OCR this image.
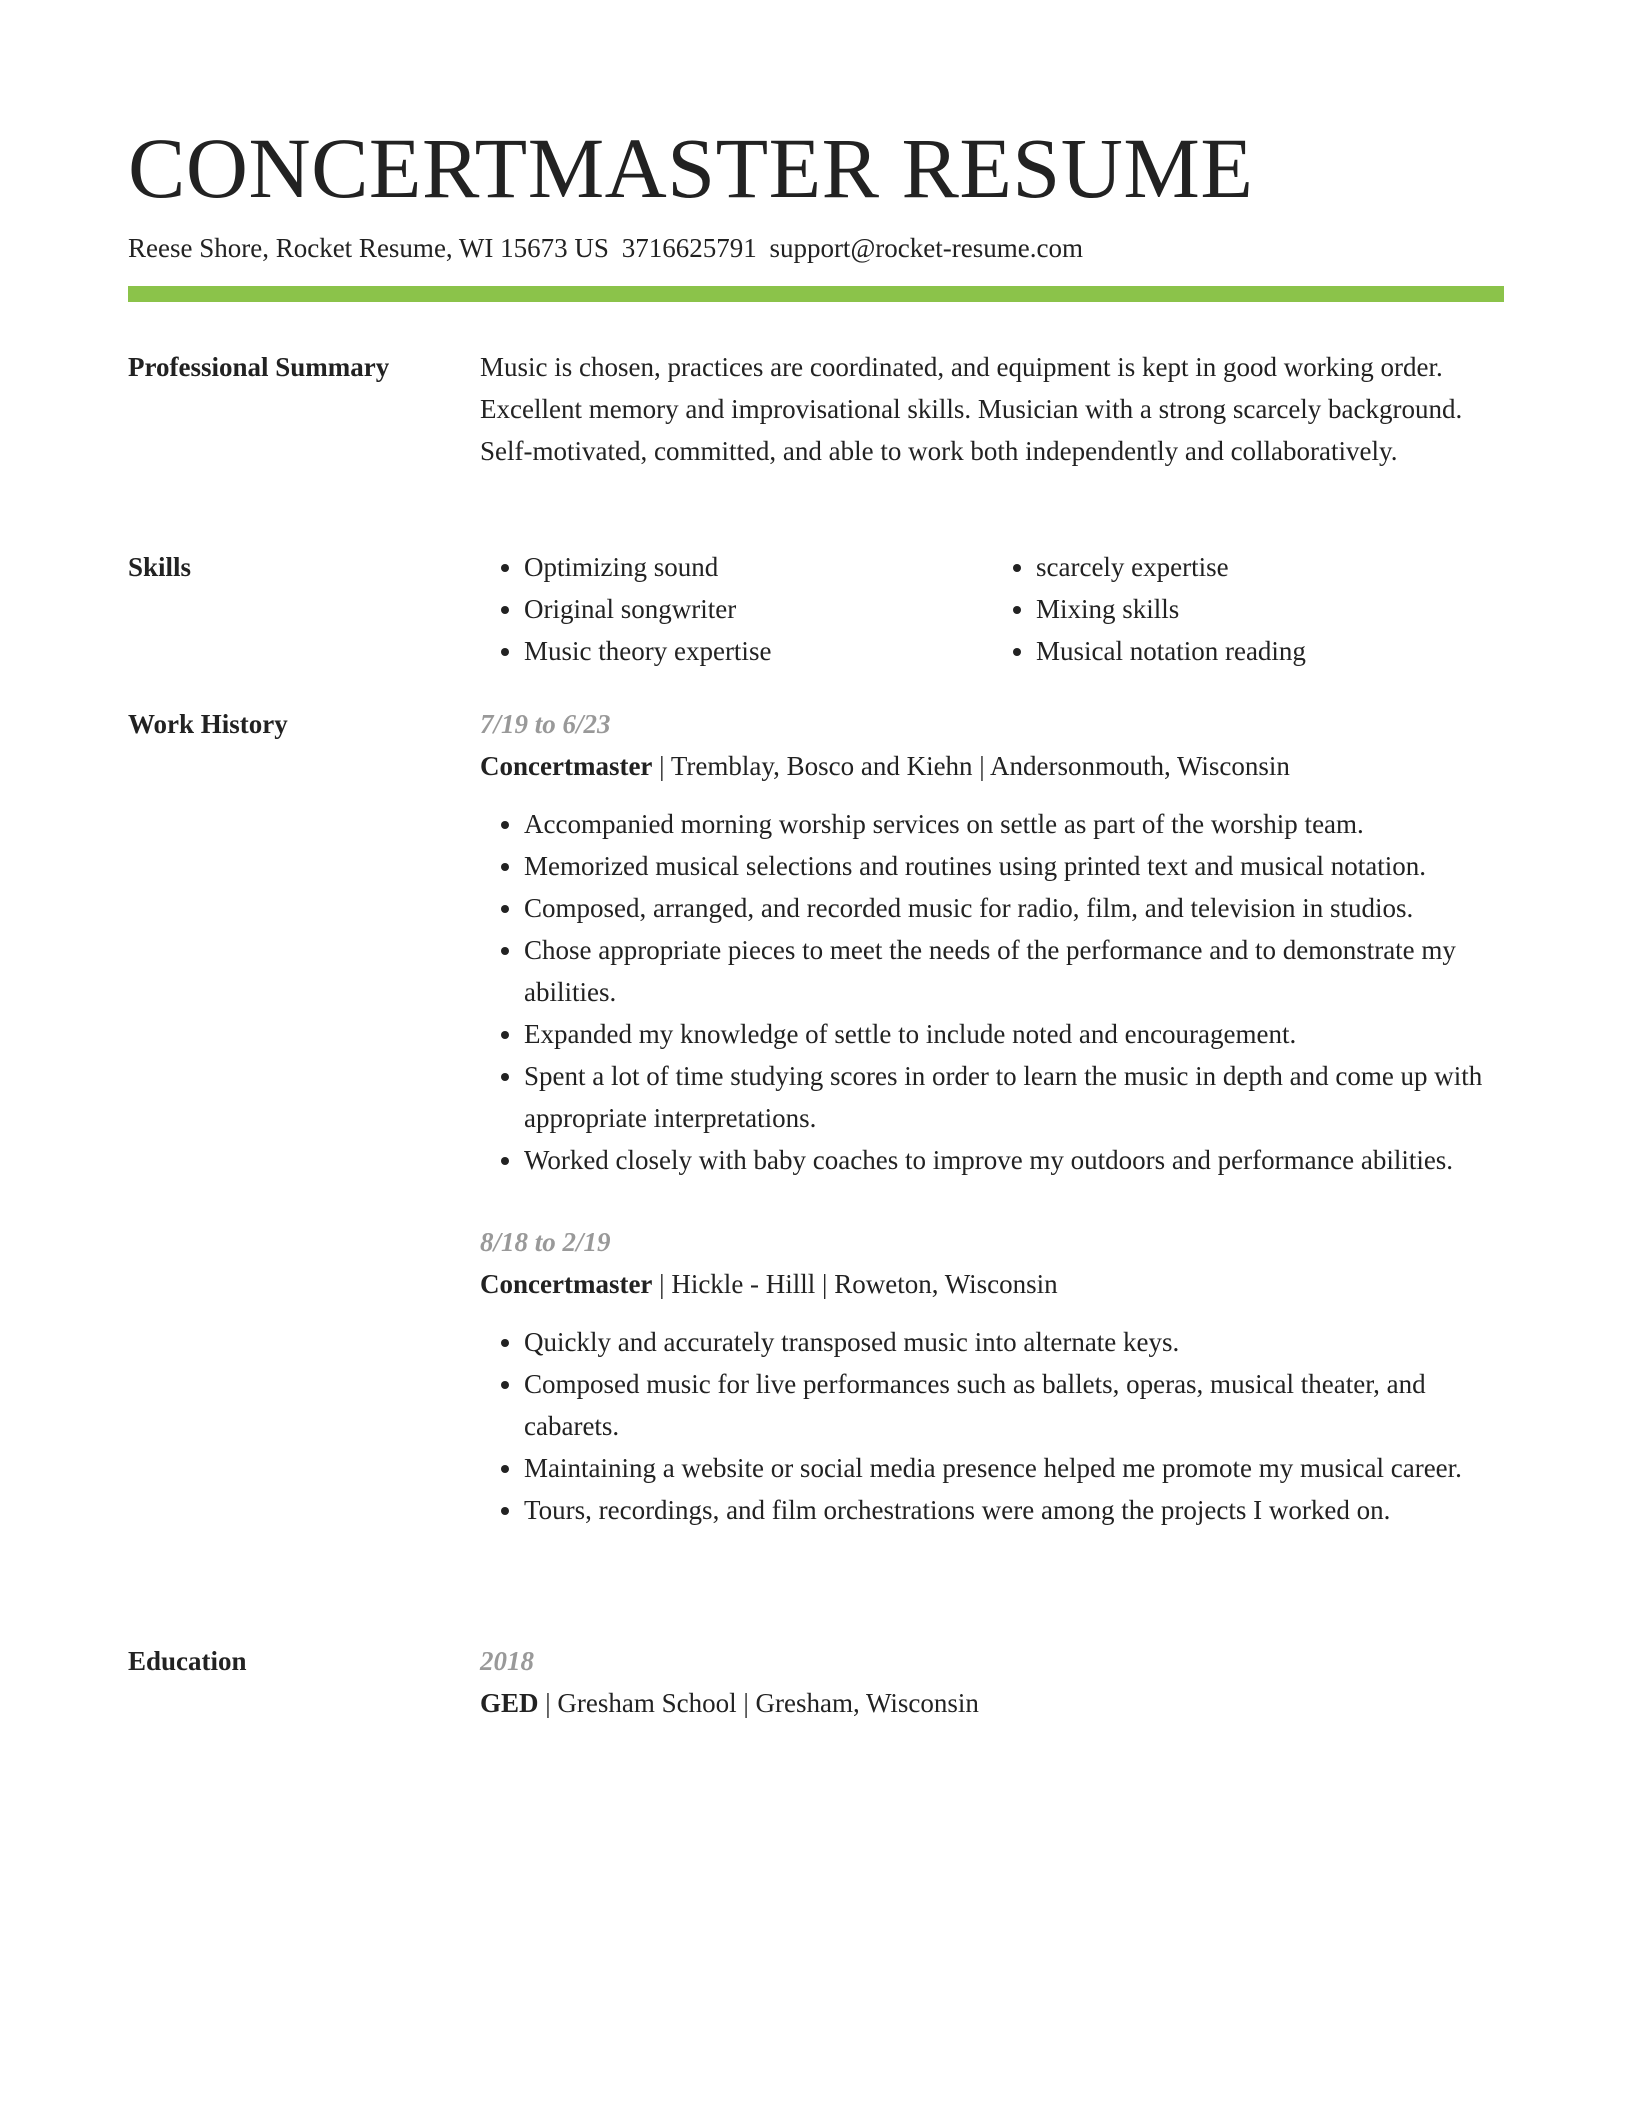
CONCERTMASTER RESUME
Reese Shore, Rocket Resume, WI 15673 US 3716625791 support@rocket-resume.com
Professional Summary	Music is chosen, practices are coordinated, and equipment is kept in good working order. Excellent memory and improvisational skills. Musician with a strong scarcely background. Self-motivated, committed, and able to work both independently and collaboratively.

Skills
•	Optimizing sound
• Original songwriter
• Music theory expertise
• scarcely expertise
• Mixing skills
• Musical notation reading
Work History	7/19 to 6/23
Concertmaster | Tremblay, Bosco and Kiehn | Andersonmouth, Wisconsin
• Accompanied morning worship services on settle as part of the worship team.
• Memorized musical selections and routines using printed text and musical notation.
• Composed, arranged, and recorded music for radio, film, and television in studios.
• Chose appropriate pieces to meet the needs of the performance and to demonstrate my abilities.
• Expanded my knowledge of settle to include noted and encouragement.
• Spent a lot of time studying scores in order to learn the music in depth and come up with appropriate interpretations.
• Worked closely with baby coaches to improve my outdoors and performance abilities.
8/18 to 2/19
Concertmaster | Hickle - Hilll | Roweton, Wisconsin
• Quickly and accurately transposed music into alternate keys.
• Composed music for live performances such as ballets, operas, musical theater, and cabarets.
• Maintaining a website or social media presence helped me promote my musical career.
• Tours, recordings, and film orchestrations were among the projects I worked on.
Education	2018
GED | Gresham School | Gresham, Wisconsin
